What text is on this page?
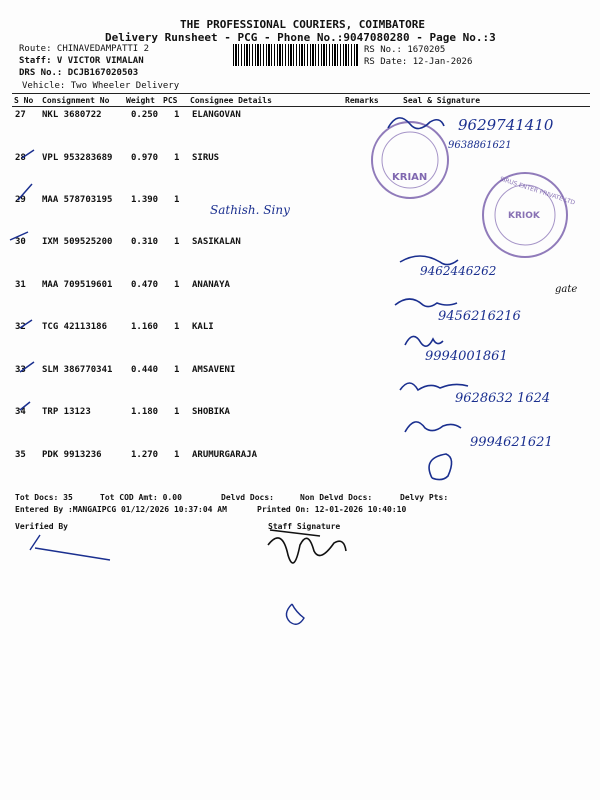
THE PROFESSIONAL COURIERS, COIMBATORE
Delivery Runsheet - PCG - Phone No.:9047080280 - Page No.:3
Route: CHINAVEDAMPATTI 2
Staff: V VICTOR VIMALAN
DRS No.: DCJB167020503
Vehicle: Two Wheeler Delivery
RS No.: 1670205
RS Date: 12-Jan-2026
S No Consignment No Weight PCS Consignee Details	Remarks	Seal & Signature
27 NKL 3680722	0.250 1 ELANGOVAN
28 VPL 953283689 0.970 1 SIRUS
29 MAA 578703195 1.390 1
30 IXM 509525200 0.310 1 SASIKALAN
31 MAA 709519601 0.470 1 ANANAYA
32 TCG 42113186	1.160 1 KALI
33 SLM 386770341 0.440 1 AMSAVENI
34 TRP 13123	1.180 1 SHOBIKA
35 PDK 9913236	1.270 1 ARUMURGARAJA
Tot Docs: 35	Tot COD Amt: 0.00	Delvd Docs:	Non Delvd Docs:	Delvy Pts:
Entered By :MANGAIPCG 01/12/2026 10:37:04 AM	Printed On: 12-01-2026 10:40:10
Verified By	Staff Signature
KRIAN	SIRUS ENTER PRIVATE LTD
KRIOK
9629741410
9638861621
Sathish. Siny
9462446262
9456216216
gate
9994001861
9628632 1624
9994621621
